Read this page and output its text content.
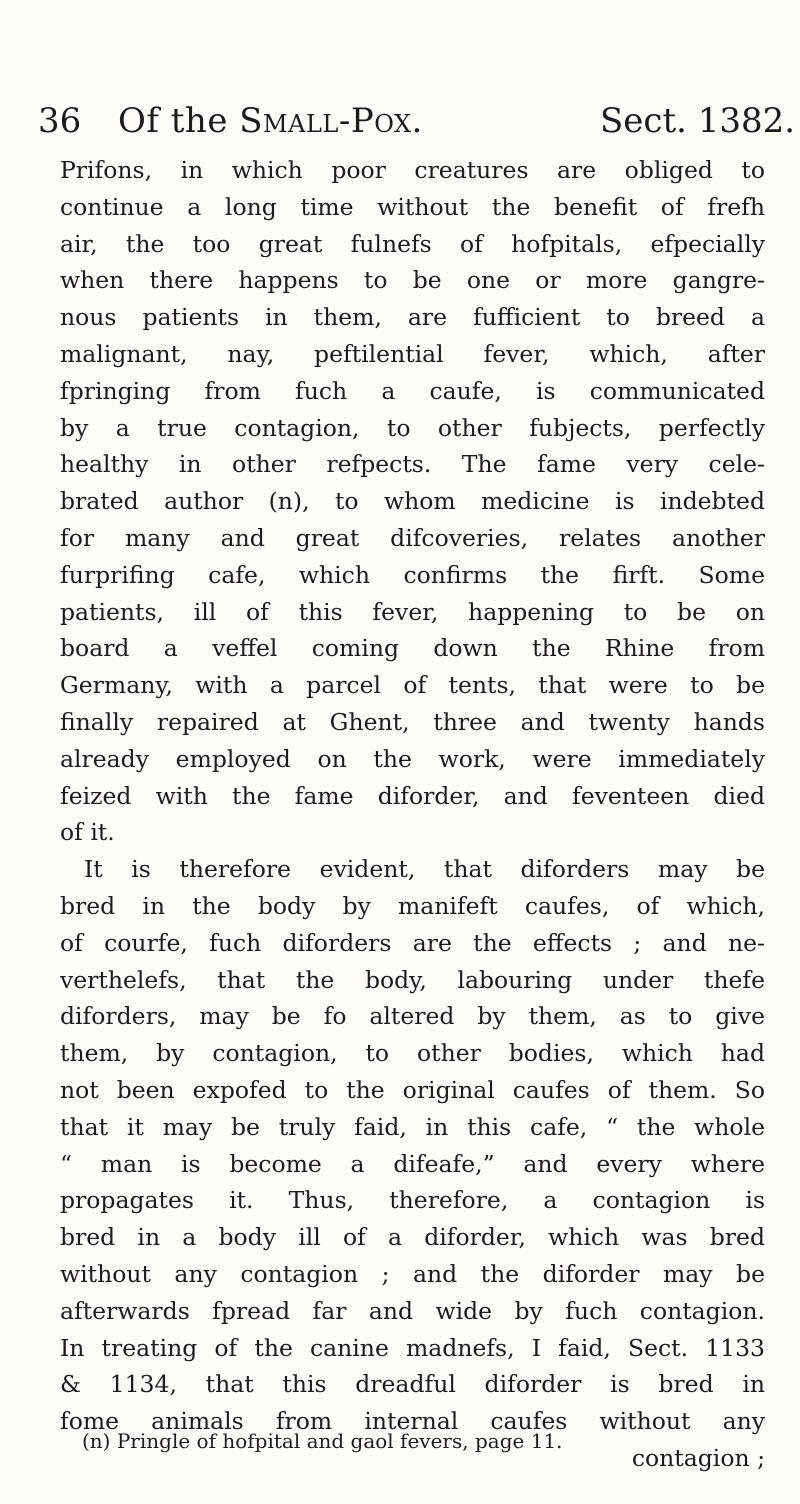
36 Of the Small-Pox.	Sect. 1382.
Prifons, in which poor creatures are obliged to
continue a long time without the benefit of frefh
air, the too great fulnefs of hofpitals, efpecially
when there happens to be one or more gangre-
nous patients in them, are fufficient to breed a
malignant, nay, peftilential fever, which, after
fpringing from fuch a caufe, is communicated
by a true contagion, to other fubjects, perfectly
healthy in other refpects. The fame very cele-
brated author (n), to whom medicine is indebted
for many and great difcoveries, relates another
furprifing cafe, which confirms the firft. Some
patients, ill of this fever, happening to be on
board a veffel coming down the Rhine from
Germany, with a parcel of tents, that were to be
finally repaired at Ghent, three and twenty hands
already employed on the work, were immediately
feized with the fame diforder, and feventeen died
of it.
It is therefore evident, that diforders may be
bred in the body by manifeft caufes, of which,
of courfe, fuch diforders are the effects ; and ne-
verthelefs, that the body, labouring under thefe
diforders, may be fo altered by them, as to give
them, by contagion, to other bodies, which had
not been expofed to the original caufes of them. So
that it may be truly faid, in this cafe, “ the whole
“ man is become a difeafe,” and every where
propagates it. Thus, therefore, a contagion is
bred in a body ill of a diforder, which was bred
without any contagion ; and the diforder may be
afterwards fpread far and wide by fuch contagion.
In treating of the canine madnefs, I faid, Sect. 1133
& 1134, that this dreadful diforder is bred in
fome animals from internal caufes without any
contagion ;
(n) Pringle of hofpital and gaol fevers, page 11.
